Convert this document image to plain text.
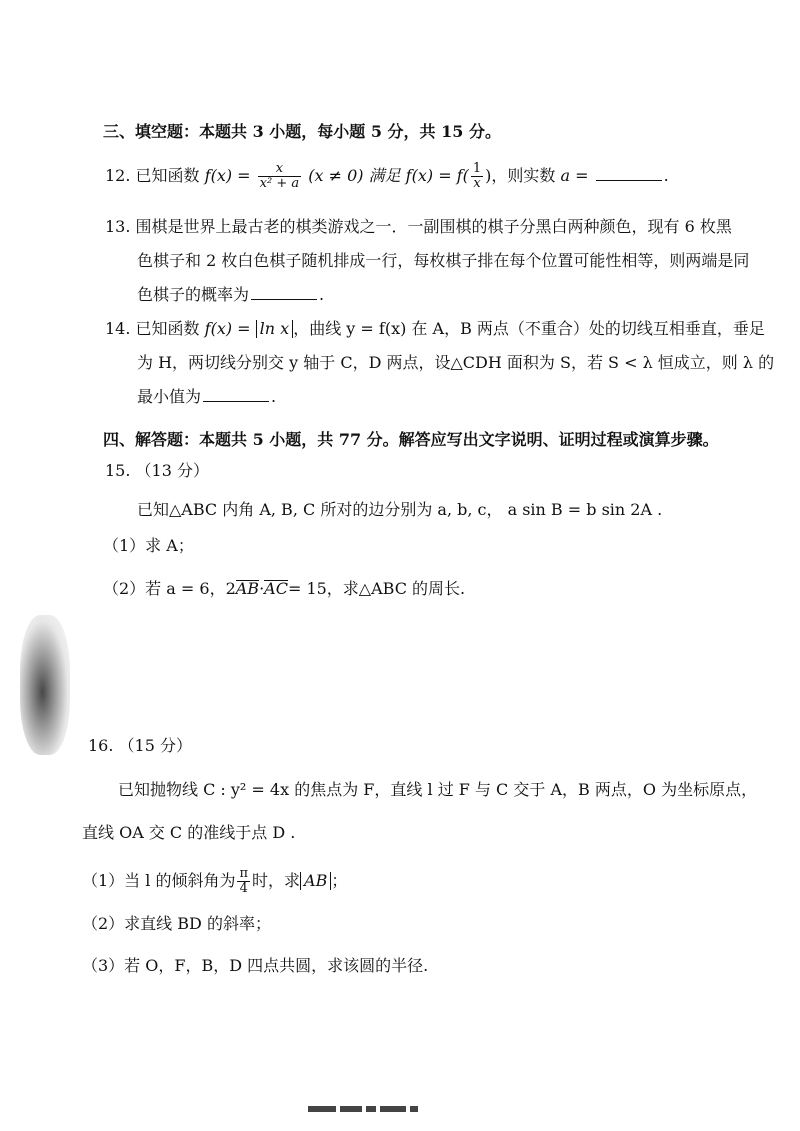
三、填空题：本题共 3 小题，每小题 5 分，共 15 分。
12. 已知函数 $f(x) = \frac{x}{\text{x² + a}} (x \ne 0)$ 满足 $f(x) = f( \frac{1}{x}$ )，则实数 a =	.
13. 围棋是世界上最古老的棋类游戏之一．一副围棋的棋子分黑白两种颜色，现有 6 枚黑
色棋子和 2 枚白色棋子随机排成一行，每枚棋子排在每个位置可能性相等，则两端是同
色棋子的概率为	.
14. 已知函数 f(x) = ln x ，曲线 y = f(x) 在 A，B 两点（不重合）处的切线互相垂直，垂足
为 H，两切线分别交 y 轴于 C，D 两点，设△CDH 面积为 S，若 S < λ 恒成立，则 λ 的
最小值为	.
四、解答题：本题共 5 小题，共 77 分。解答应写出文字说明、证明过程或演算步骤。
15. （13 分）
已知△ABC 内角 A, B, C 所对的边分别为 a, b, c， a sin B = b sin 2A .
（1）求 A；
（2）若 a = 6，2AB·AC= 15，求△ABC 的周长.
16. （15 分）
已知抛物线 C : y² = 4x 的焦点为 F，直线 l 过 F 与 C 交于 A，B 两点，O 为坐标原点，
直线 OA 交 C 的准线于点 D .
（1）当 l 的倾斜角为 $\frac{\pi}{4}$ 时，求 AB ；
（2）求直线 BD 的斜率；
（3）若 O，F，B，D 四点共圆，求该圆的半径.
